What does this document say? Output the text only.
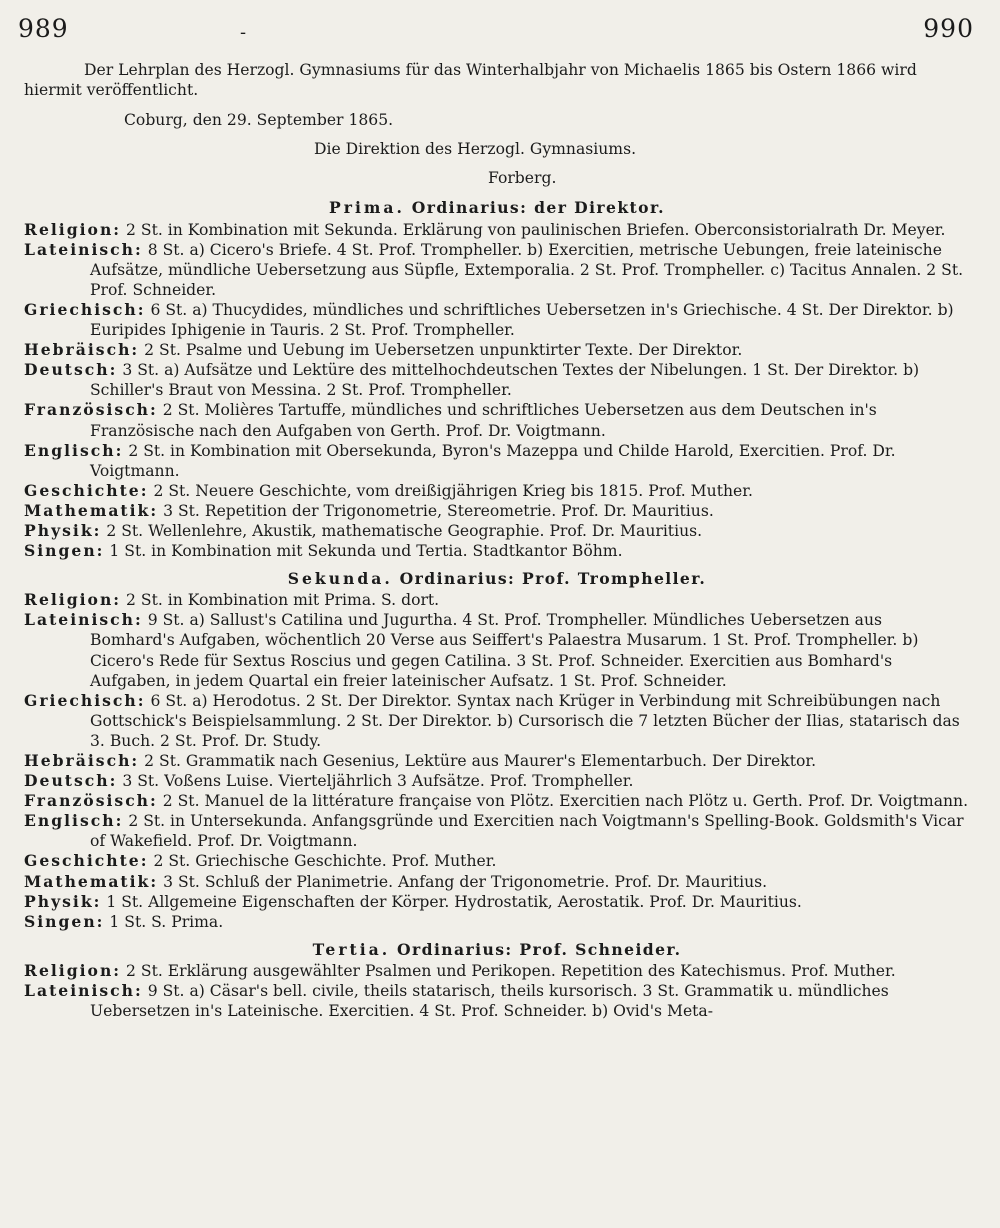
989	-	990

Der Lehrplan des Herzogl. Gymnasiums für das Winterhalbjahr von Michaelis 1865 bis Ostern 1866 wird hiermit veröffentlicht.

Coburg, den 29. September 1865.

Die Direktion des Herzogl. Gymnasiums.

Forberg.

Prima. Ordinarius: der Direktor.

Religion: 2 St. in Kombination mit Sekunda. Erklärung von paulinischen Briefen. Oberconsistorialrath Dr. Meyer.

Lateinisch: 8 St. a) Cicero's Briefe. 4 St. Prof. Trompheller. b) Exercitien, metrische Uebungen, freie lateinische Aufsätze, mündliche Uebersetzung aus Süpfle, Extemporalia. 2 St. Prof. Trompheller. c) Tacitus Annalen. 2 St. Prof. Schneider.

Griechisch: 6 St. a) Thucydides, mündliches und schriftliches Uebersetzen in's Griechische. 4 St. Der Direktor. b) Euripides Iphigenie in Tauris. 2 St. Prof. Trompheller.

Hebräisch: 2 St. Psalme und Uebung im Uebersetzen unpunktirter Texte. Der Direktor.

Deutsch: 3 St. a) Aufsätze und Lektüre des mittelhochdeutschen Textes der Nibelungen. 1 St. Der Direktor. b) Schiller's Braut von Messina. 2 St. Prof. Trompheller.

Französisch: 2 St. Molières Tartuffe, mündliches und schriftliches Uebersetzen aus dem Deutschen in's Französische nach den Aufgaben von Gerth. Prof. Dr. Voigtmann.

Englisch: 2 St. in Kombination mit Obersekunda, Byron's Mazeppa und Childe Harold, Exercitien. Prof. Dr. Voigtmann.

Geschichte: 2 St. Neuere Geschichte, vom dreißigjährigen Krieg bis 1815. Prof. Muther.

Mathematik: 3 St. Repetition der Trigonometrie, Stereometrie. Prof. Dr. Mauritius.

Physik: 2 St. Wellenlehre, Akustik, mathematische Geographie. Prof. Dr. Mauritius.

Singen: 1 St. in Kombination mit Sekunda und Tertia. Stadtkantor Böhm.

Sekunda. Ordinarius: Prof. Trompheller.

Religion: 2 St. in Kombination mit Prima. S. dort.

Lateinisch: 9 St. a) Sallust's Catilina und Jugurtha. 4 St. Prof. Trompheller. Mündliches Uebersetzen aus Bomhard's Aufgaben, wöchentlich 20 Verse aus Seiffert's Palaestra Musarum. 1 St. Prof. Trompheller. b) Cicero's Rede für Sextus Roscius und gegen Catilina. 3 St. Prof. Schneider. Exercitien aus Bomhard's Aufgaben, in jedem Quartal ein freier lateinischer Aufsatz. 1 St. Prof. Schneider.

Griechisch: 6 St. a) Herodotus. 2 St. Der Direktor. Syntax nach Krüger in Verbindung mit Schreibübungen nach Gottschick's Beispielsammlung. 2 St. Der Direktor. b) Cursorisch die 7 letzten Bücher der Ilias, statarisch das 3. Buch. 2 St. Prof. Dr. Study.

Hebräisch: 2 St. Grammatik nach Gesenius, Lektüre aus Maurer's Elementarbuch. Der Direktor.

Deutsch: 3 St. Voßens Luise. Vierteljährlich 3 Aufsätze. Prof. Trompheller.

Französisch: 2 St. Manuel de la littérature française von Plötz. Exercitien nach Plötz u. Gerth. Prof. Dr. Voigtmann.

Englisch: 2 St. in Untersekunda. Anfangsgründe und Exercitien nach Voigtmann's Spelling-Book. Goldsmith's Vicar of Wakefield. Prof. Dr. Voigtmann.

Geschichte: 2 St. Griechische Geschichte. Prof. Muther.

Mathematik: 3 St. Schluß der Planimetrie. Anfang der Trigonometrie. Prof. Dr. Mauritius.

Physik: 1 St. Allgemeine Eigenschaften der Körper. Hydrostatik, Aerostatik. Prof. Dr. Mauritius.

Singen: 1 St. S. Prima.

Tertia. Ordinarius: Prof. Schneider.

Religion: 2 St. Erklärung ausgewählter Psalmen und Perikopen. Repetition des Katechismus. Prof. Muther.

Lateinisch: 9 St. a) Cäsar's bell. civile, theils statarisch, theils kursorisch. 3 St. Grammatik u. mündliches Uebersetzen in's Lateinische. Exercitien. 4 St. Prof. Schneider. b) Ovid's Meta-
